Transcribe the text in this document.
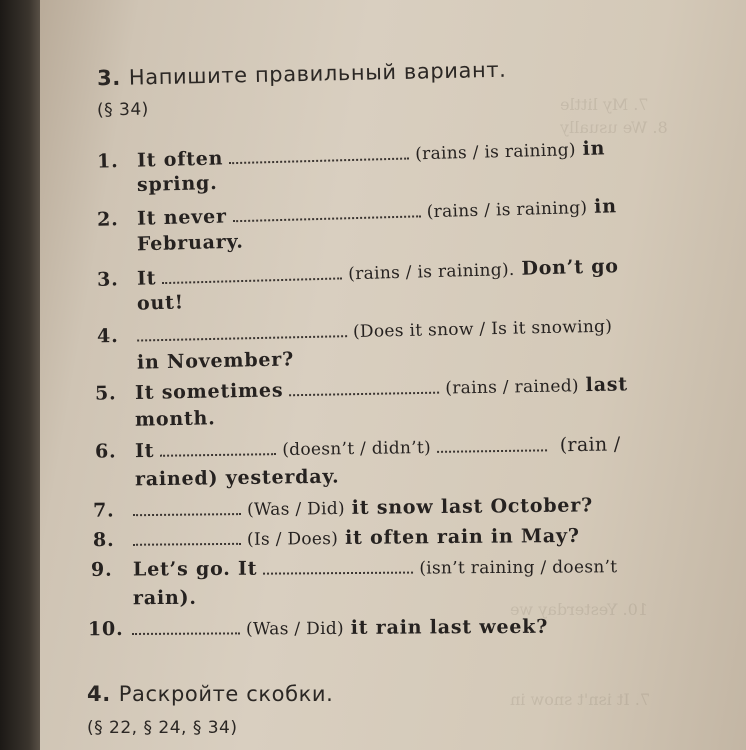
7. My little
8. We usually
10. Yesterday we
7. It isn't snow in
3. Напишите правильный вариант.
(§ 34)
1. It often	(rains / is raining) in
spring.
2. It never	(rains / is raining) in
February.
3. It	(rains / is raining). Don’t go
out!
4.	(Does it snow / Is it snowing)
in November?
5. It sometimes	(rains / rained) last
month.
6. It	(doesn’t / didn’t)	(rain /
rained) yesterday.
7.	(Was / Did) it snow last October?
8.	(Is / Does) it often rain in May?
9. Let’s go. It	(isn’t raining / doesn’t
rain).
10.	(Was / Did) it rain last week?
4. Раскройте скобки.
(§ 22, § 24, § 34)
